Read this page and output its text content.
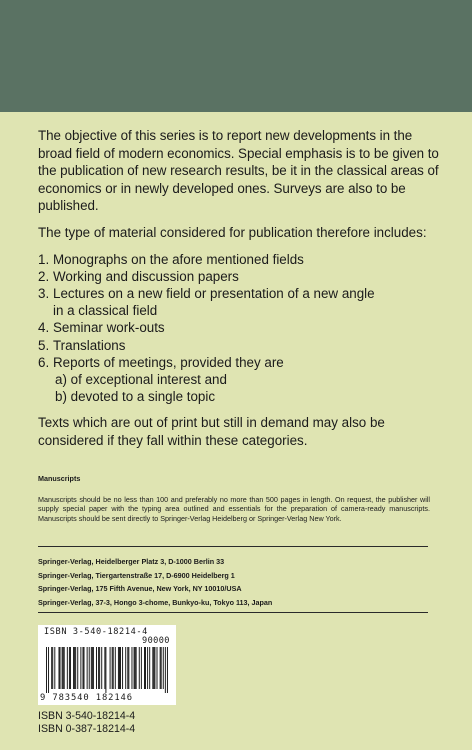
The objective of this series is to report new developments in the broad field of modern economics. Special emphasis is to be given to the publication of new research results, be it in the classical areas of economics or in newly developed ones. Surveys are also to be published.

The type of material considered for publication therefore includes:

1. Monographs on the afore mentioned fields
2. Working and discussion papers
3. Lectures on a new field or presentation of a new angle in a classical field
4. Seminar work-outs
5. Translations
6. Reports of meetings, provided they are
a) of exceptional interest and
b) devoted to a single topic

Texts which are out of print but still in demand may also be considered if they fall within these categories.

Manuscripts

Manuscripts should be no less than 100 and preferably no more than 500 pages in length. On request, the publisher will supply special paper with the typing area outlined and essentials for the preparation of camera-ready manuscripts. Manuscripts should be sent directly to Springer-Verlag Heidelberg or Springer-Verlag New York.

Springer-Verlag, Heidelberger Platz 3, D-1000 Berlin 33
Springer-Verlag, Tiergartenstraße 17, D-6900 Heidelberg 1
Springer-Verlag, 175 Fifth Avenue, New York, NY 10010/USA
Springer-Verlag, 37-3, Hongo 3-chome, Bunkyo-ku, Tokyo 113, Japan
ISBN 3-540-18214-4
90000
9 783540 182146
ISBN 3-540-18214-4
ISBN 0-387-18214-4
